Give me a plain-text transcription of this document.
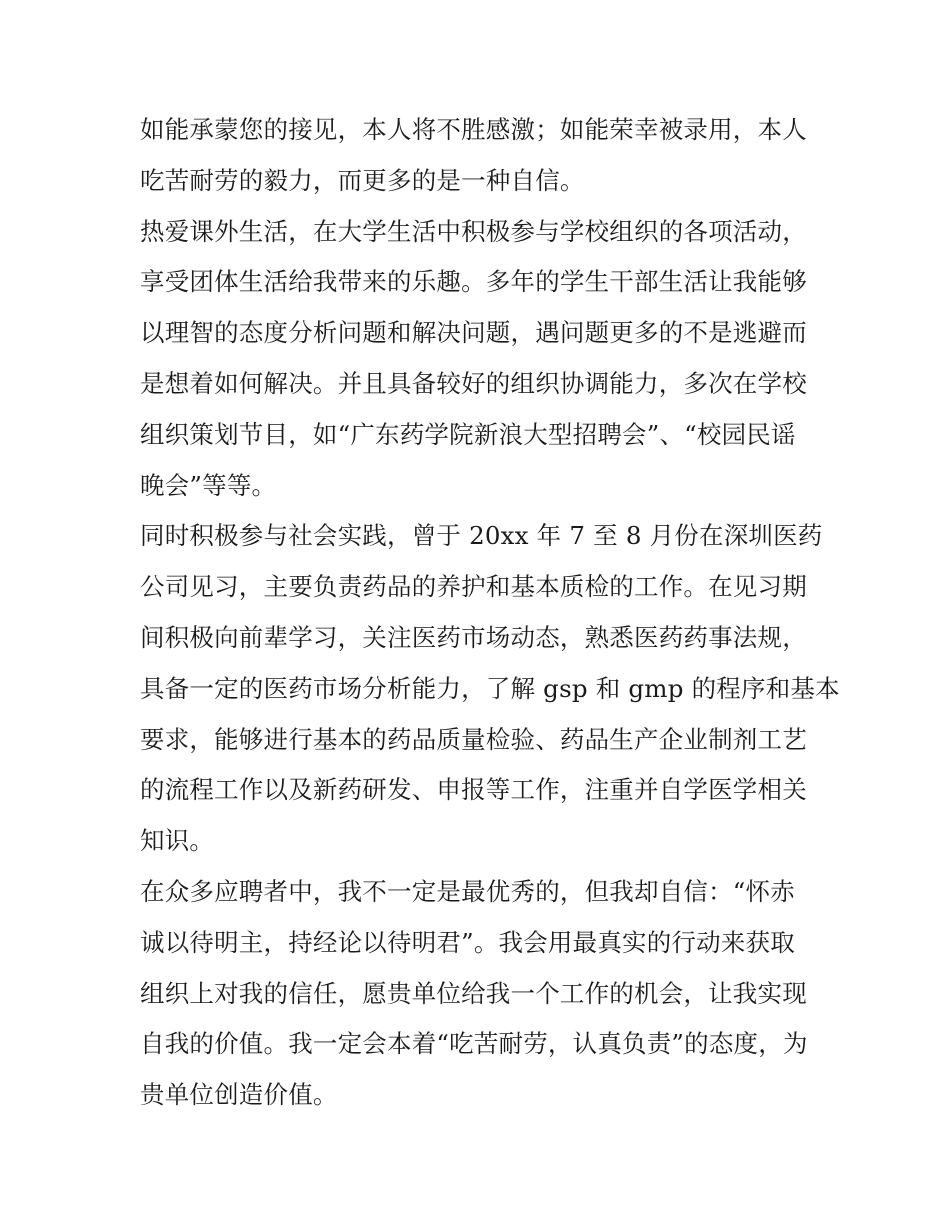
如能承蒙您的接见，本人将不胜感激；如能荣幸被录用，本人
吃苦耐劳的毅力，而更多的是一种自信。
热爱课外生活，在大学生活中积极参与学校组织的各项活动，
享受团体生活给我带来的乐趣。多年的学生干部生活让我能够
以理智的态度分析问题和解决问题，遇问题更多的不是逃避而
是想着如何解决。并且具备较好的组织协调能力，多次在学校
组织策划节目，如“广东药学院新浪大型招聘会”、“校园民谣
晚会”等等。
同时积极参与社会实践，曾于 20xx 年 7 至 8 月份在深圳医药
公司见习，主要负责药品的养护和基本质检的工作。在见习期
间积极向前辈学习，关注医药市场动态，熟悉医药药事法规，
具备一定的医药市场分析能力，了解 gsp 和 gmp 的程序和基本
要求，能够进行基本的药品质量检验、药品生产企业制剂工艺
的流程工作以及新药研发、申报等工作，注重并自学医学相关
知识。
在众多应聘者中，我不一定是最优秀的，但我却自信：“怀赤
诚以待明主，持经论以待明君”。我会用最真实的行动来获取
组织上对我的信任，愿贵单位给我一个工作的机会，让我实现
自我的价值。我一定会本着“吃苦耐劳，认真负责”的态度，为
贵单位创造价值。
